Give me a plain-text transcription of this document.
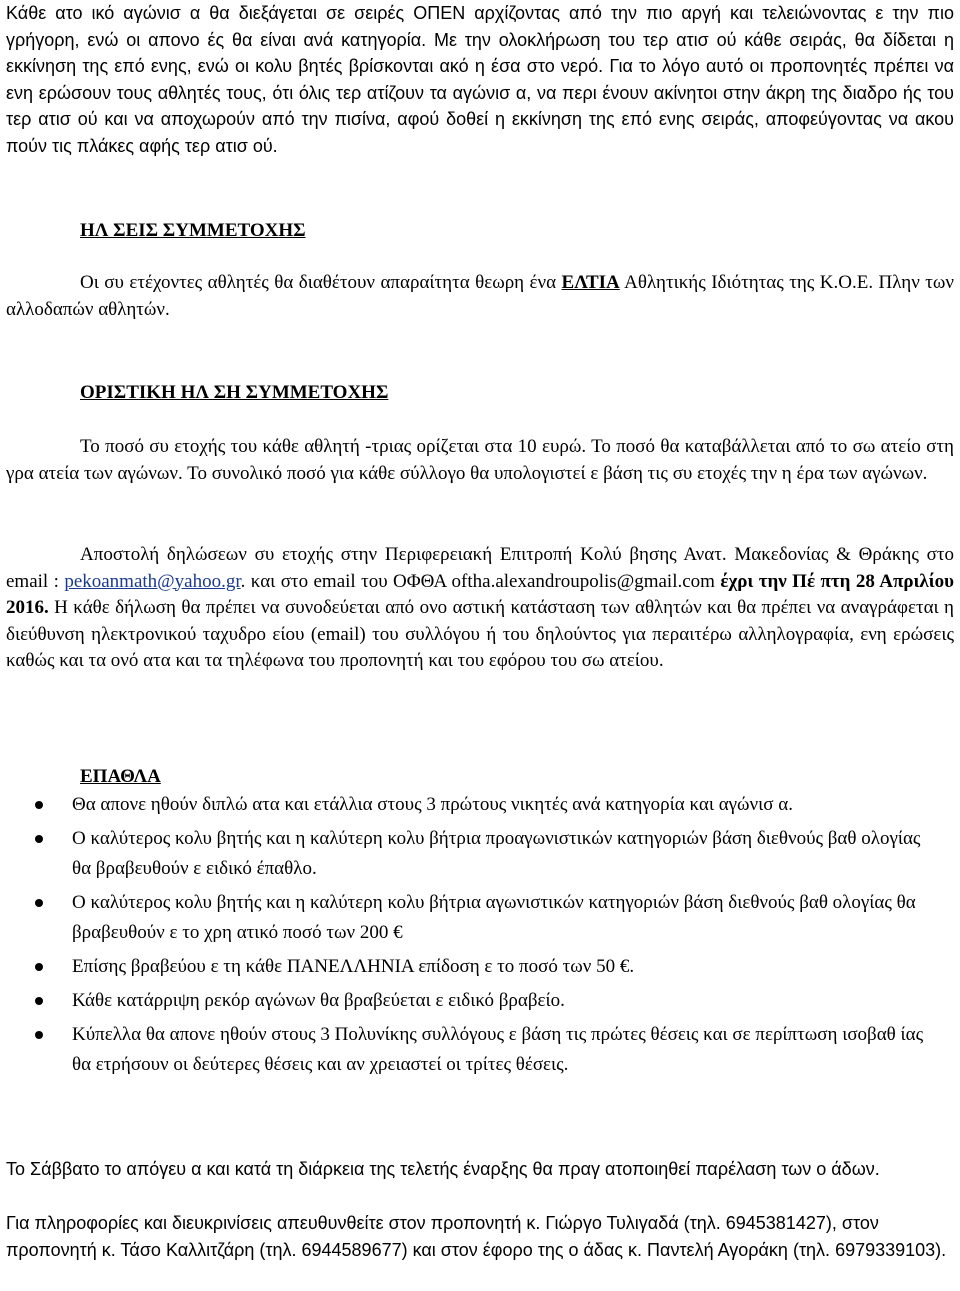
Κάθε ατο ικό αγώνισ α θα διεξάγεται σε σειρές ΟΠΕΝ αρχίζοντας από την πιο αργή και τελειώνοντας ε την πιο γρήγορη, ενώ οι απονο ές θα είναι ανά κατηγορία. Με την ολοκλήρωση του τερ ατισ ού κάθε σειράς, θα δίδεται η εκκίνηση της επό ενης, ενώ οι κολυ βητές βρίσκονται ακό η έσα στο νερό. Για το λόγο αυτό οι προπονητές πρέπει να ενη ερώσουν τους αθλητές τους, ότι όλις τερ ατίζουν τα αγώνισ α, να περι ένουν ακίνητοι στην άκρη της διαδρο ής του τερ ατισ ού και να αποχωρούν από την πισίνα, αφού δοθεί η εκκίνηση της επό ενης σειράς, αποφεύγοντας να ακου πούν τις πλάκες αφής τερ ατισ ού.

ΗΛ ΣΕΙΣ ΣΥΜΜΕΤΟΧΗΣ

Οι συ ετέχοντες αθλητές θα διαθέτουν απαραίτητα θεωρη ένα ΕΛΤΙΑ Αθλητικής Ιδιότητας της Κ.Ο.Ε. Πλην των αλλοδαπών αθλητών.

ΟΡΙΣΤΙΚΗ ΗΛ ΣΗ ΣΥΜΜΕΤΟΧΗΣ

Το ποσό συ ετοχής του κάθε αθλητή -τριας ορίζεται στα 10 ευρώ. Το ποσό θα καταβάλλεται από το σω ατείο στη γρα ατεία των αγώνων. Το συνολικό ποσό για κάθε σύλλογο θα υπολογιστεί ε βάση τις συ ετοχές την η έρα των αγώνων.

Αποστολή δηλώσεων συ ετοχής στην Περιφερειακή Επιτροπή Κολύ βησης Ανατ. Μακεδονίας & Θράκης στο email : pekoanmath@yahoo.gr. και στο email του ΟΦΘΑ oftha.alexandroupolis@gmail.com έχρι την Πέ πτη 28 Απριλίου 2016. Η κάθε δήλωση θα πρέπει να συνοδεύεται από ονο αστική κατάσταση των αθλητών και θα πρέπει να αναγράφεται η διεύθυνση ηλεκτρονικού ταχυδρο είου (email) του συλλόγου ή του δηλούντος για περαιτέρω αλληλογραφία, ενη ερώσεις καθώς και τα ονό ατα και τα τηλέφωνα του προπονητή και του εφόρου του σω ατείου.

ΕΠΑΘΛΑ
Θα απονε ηθούν διπλώ ατα και ετάλλια στους 3 πρώτους νικητές ανά κατηγορία και αγώνισ α.
Ο καλύτερος κολυ βητής και η καλύτερη κολυ βήτρια προαγωνιστικών κατηγοριών βάση διεθνούς βαθ ολογίας θα βραβευθούν ε ειδικό έπαθλο.
Ο καλύτερος κολυ βητής και η καλύτερη κολυ βήτρια αγωνιστικών κατηγοριών βάση διεθνούς βαθ ολογίας θα βραβευθούν ε το χρη ατικό ποσό των 200 €
Επίσης βραβεύου ε τη κάθε ΠΑΝΕΛΛΗΝΙΑ επίδοση ε το ποσό των 50 €.
Κάθε κατάρριψη ρεκόρ αγώνων θα βραβεύεται ε ειδικό βραβείο.
Κύπελλα θα απονε ηθούν στους 3 Πολυνίκης συλλόγους ε βάση τις πρώτες θέσεις και σε περίπτωση ισοβαθ ίας θα ετρήσουν οι δεύτερες θέσεις και αν χρειαστεί οι τρίτες θέσεις.

Το Σάββατο το απόγευ α και κατά τη διάρκεια της τελετής έναρξης θα πραγ ατοποιηθεί παρέλαση των ο άδων.

Για πληροφορίες και διευκρινίσεις απευθυνθείτε στον προπονητή κ. Γιώργο Τυλιγαδά (τηλ. 6945381427), στον προπονητή κ. Τάσο Καλλιτζάρη (τηλ. 6944589677) και στον έφορο της ο άδας κ. Παντελή Αγοράκη (τηλ. 6979339103).
